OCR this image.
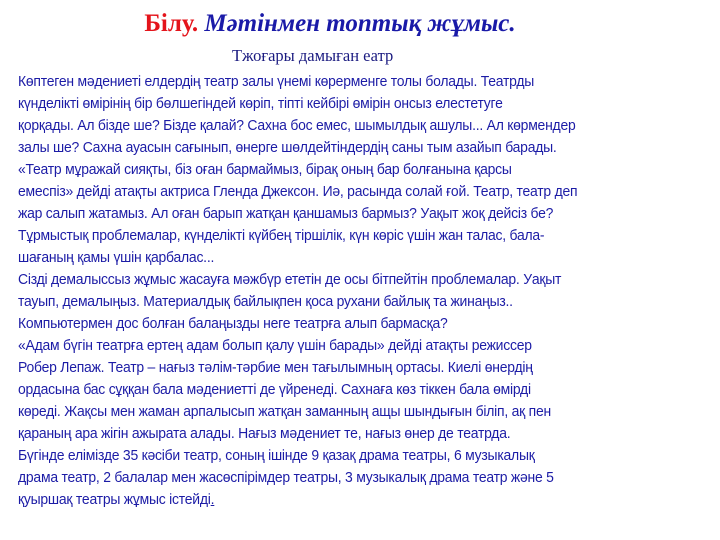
Білу. Мәтінмен топтық жұмыс.
Тжоғары дамыған еатр
Көптеген мәдениеті елдердің театр залы үнемі көрерменге толы болады. Театрды
күнделікті өмірінің бір бөлшегіндей көріп, тіпті кейбірі өмірін онсыз елестетуге
қорқады. Ал бізде ше? Бізде қалай? Сахна бос емес, шымылдық ашулы... Ал көрмендер
залы ше? Сахна ауасын сағынып, өнерге шөлдейтіндердің саны тым азайып барады.
«Театр мұражай сияқты, біз оған бармаймыз, бірақ оның бар болғанына қарсы
емеспіз» дейді атақты актриса Гленда Джексон. Иә, расында солай ғой. Театр, театр деп
жар салып жатамыз. Ал оған барып жатқан қаншамыз бармыз? Уақыт жоқ дейсіз бе?
Тұрмыстық проблемалар, күнделікті күйбең тіршілік, күн көріс үшін жан талас, бала-
шағаның қамы үшін қарбалас...
Сізді демалыссыз жұмыс жасауға мәжбүр ететін де осы бітпейтін проблемалар. Уақыт
тауып, демалыңыз. Материалдық байлықпен қоса рухани байлық та жинаңыз..
Компьютермен дос болған балаңызды неге театрға алып бармасқа?
«Адам бүгін театрға ертең адам болып қалу үшін барады» дейді атақты режиссер
Робер Лепаж. Театр – нағыз тәлім-тәрбие мен тағылымның ортасы. Киелі өнердің
ордасына бас сұққан бала мәдениетті де үйренеді. Сахнаға көз тіккен бала өмірді
көреді. Жақсы мен жаман арпалысып жатқан заманның ащы шындығын біліп, ақ пен
қараның ара жігін ажырата алады. Нағыз мәдениет те, нағыз өнер де театрда.
Бүгінде елімізде 35 кәсіби театр, соның ішінде 9 қазақ драма театры, 6 музыкалық
драма театр, 2 балалар мен жасөспірімдер театры, 3 музыкалық драма театр және 5
қуыршақ театры жұмыс істейді.
